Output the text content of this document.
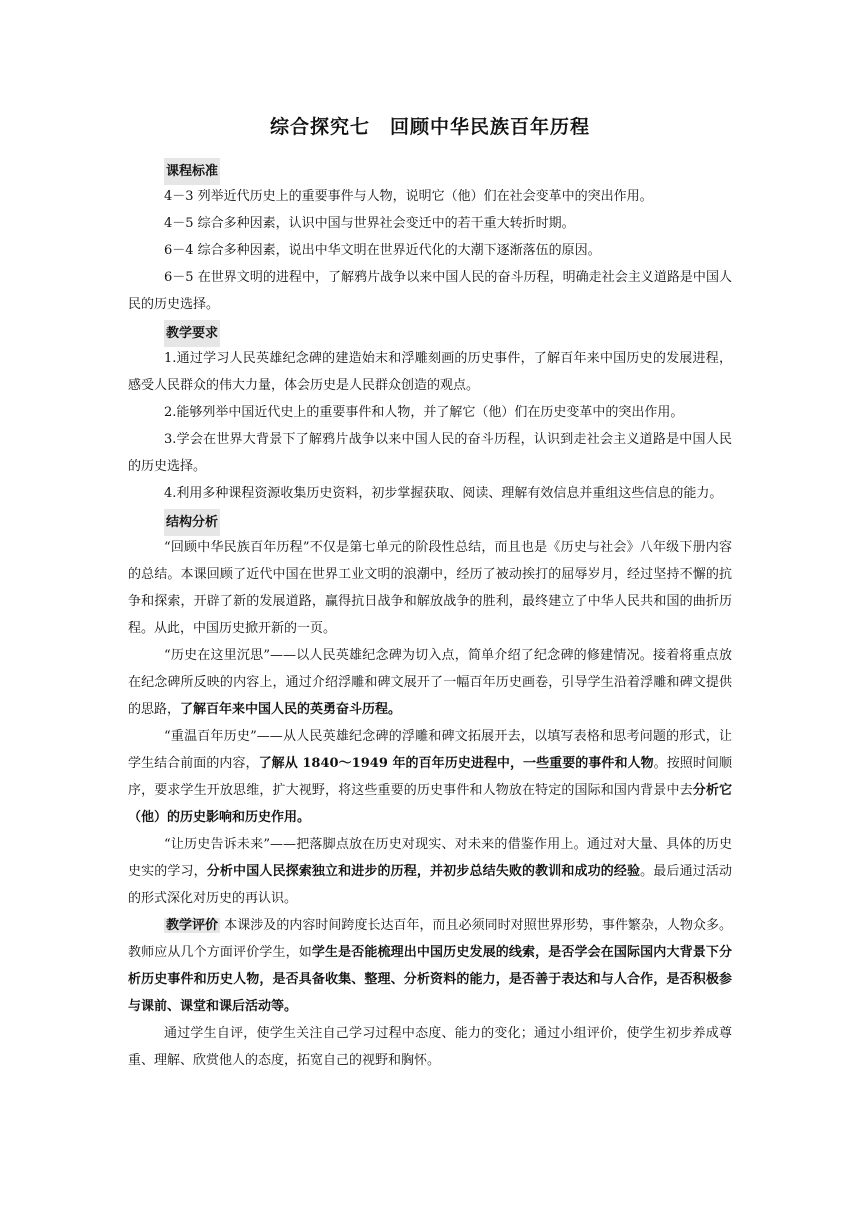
综合探究七　回顾中华民族百年历程
课程标准

4－3 列举近代历史上的重要事件与人物，说明它（他）们在社会变革中的突出作用。

4－5 综合多种因素，认识中国与世界社会变迁中的若干重大转折时期。

6－4 综合多种因素，说出中华文明在世界近代化的大潮下逐渐落伍的原因。

6－5 在世界文明的进程中，了解鸦片战争以来中国人民的奋斗历程，明确走社会主义道路是中国人民的历史选择。

教学要求

1.通过学习人民英雄纪念碑的建造始末和浮雕刻画的历史事件，了解百年来中国历史的发展进程，感受人民群众的伟大力量，体会历史是人民群众创造的观点。

2.能够列举中国近代史上的重要事件和人物，并了解它（他）们在历史变革中的突出作用。

3.学会在世界大背景下了解鸦片战争以来中国人民的奋斗历程，认识到走社会主义道路是中国人民的历史选择。

4.利用多种课程资源收集历史资料，初步掌握获取、阅读、理解有效信息并重组这些信息的能力。

结构分析

“回顾中华民族百年历程”不仅是第七单元的阶段性总结，而且也是《历史与社会》八年级下册内容的总结。本课回顾了近代中国在世界工业文明的浪潮中，经历了被动挨打的屈辱岁月，经过坚持不懈的抗争和探索，开辟了新的发展道路，赢得抗日战争和解放战争的胜利，最终建立了中华人民共和国的曲折历程。从此，中国历史掀开新的一页。

“历史在这里沉思”——以人民英雄纪念碑为切入点，简单介绍了纪念碑的修建情况。接着将重点放在纪念碑所反映的内容上，通过介绍浮雕和碑文展开了一幅百年历史画卷，引导学生沿着浮雕和碑文提供的思路，了解百年来中国人民的英勇奋斗历程。

“重温百年历史”——从人民英雄纪念碑的浮雕和碑文拓展开去，以填写表格和思考问题的形式，让学生结合前面的内容，了解从 1840～1949 年的百年历史进程中，一些重要的事件和人物。按照时间顺序，要求学生开放思维，扩大视野，将这些重要的历史事件和人物放在特定的国际和国内背景中去分析它（他）的历史影响和历史作用。

“让历史告诉未来”——把落脚点放在历史对现实、对未来的借鉴作用上。通过对大量、具体的历史史实的学习，分析中国人民探索独立和进步的历程，并初步总结失败的教训和成功的经验。最后通过活动的形式深化对历史的再认识。

教学评价 本课涉及的内容时间跨度长达百年，而且必须同时对照世界形势，事件繁杂，人物众多。教师应从几个方面评价学生，如学生是否能梳理出中国历史发展的线索，是否学会在国际国内大背景下分析历史事件和历史人物，是否具备收集、整理、分析资料的能力，是否善于表达和与人合作，是否积极参与课前、课堂和课后活动等。

通过学生自评，使学生关注自己学习过程中态度、能力的变化；通过小组评价，使学生初步养成尊重、理解、欣赏他人的态度，拓宽自己的视野和胸怀。
